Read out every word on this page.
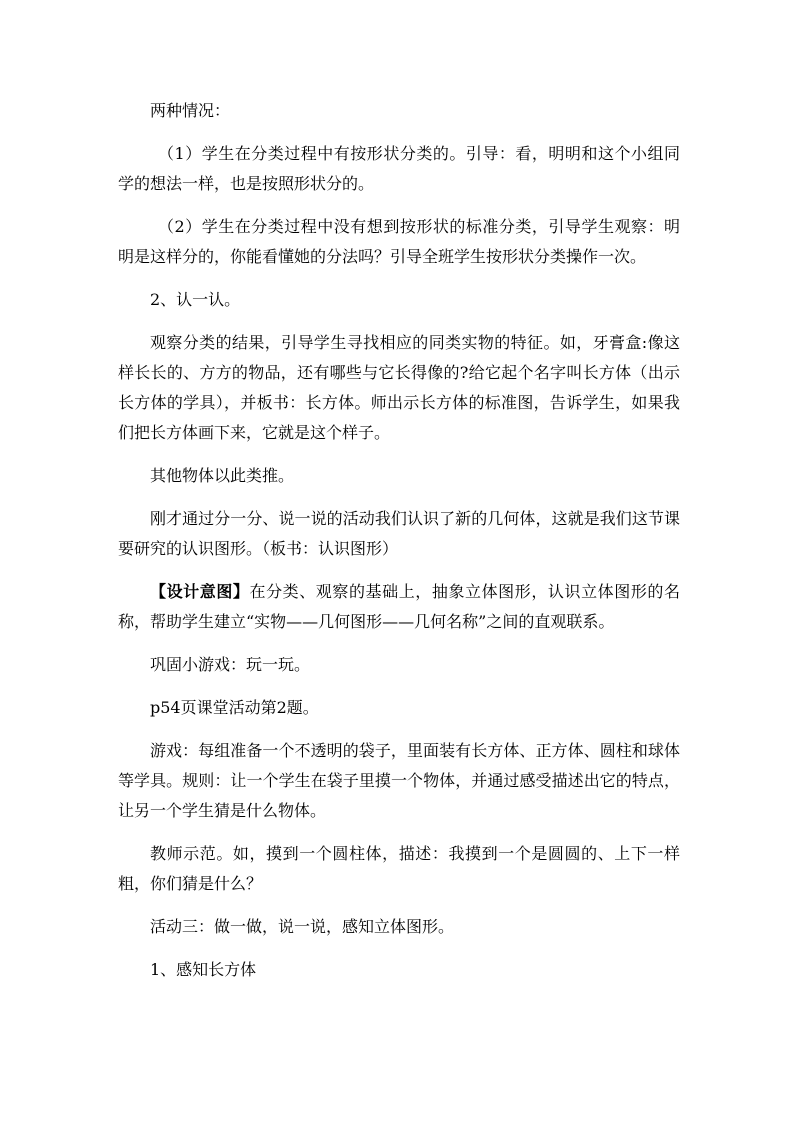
两种情况：

（1）学生在分类过程中有按形状分类的。引导：看，明明和这个小组同学的想法一样，也是按照形状分的。

（2）学生在分类过程中没有想到按形状的标准分类，引导学生观察：明明是这样分的，你能看懂她的分法吗？引导全班学生按形状分类操作一次。

2、认一认。

观察分类的结果，引导学生寻找相应的同类实物的特征。如，牙膏盒:像这样长长的、方方的物品，还有哪些与它长得像的?给它起个名字叫长方体（出示长方体的学具），并板书：长方体。师出示长方体的标准图，告诉学生，如果我们把长方体画下来，它就是这个样子。

其他物体以此类推。

刚才通过分一分、说一说的活动我们认识了新的几何体，这就是我们这节课要研究的认识图形。（板书：认识图形）

【设计意图】在分类、观察的基础上，抽象立体图形，认识立体图形的名称，帮助学生建立“实物——几何图形——几何名称”之间的直观联系。

巩固小游戏：玩一玩。

p54页课堂活动第2题。

游戏：每组准备一个不透明的袋子，里面装有长方体、正方体、圆柱和球体等学具。规则：让一个学生在袋子里摸一个物体，并通过感受描述出它的特点，让另一个学生猜是什么物体。

教师示范。如，摸到一个圆柱体，描述：我摸到一个是圆圆的、上下一样粗，你们猜是什么？

活动三：做一做，说一说，感知立体图形。

1、感知长方体
